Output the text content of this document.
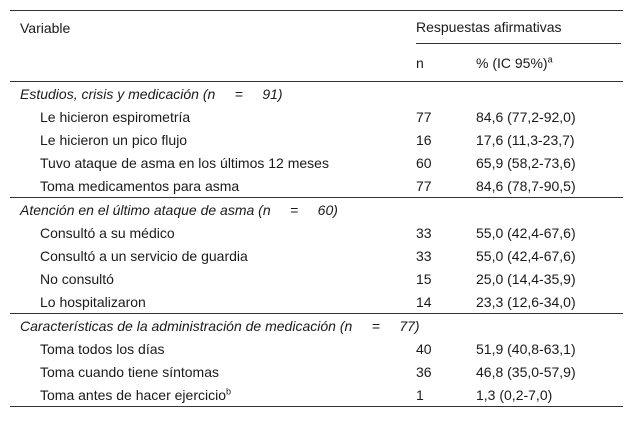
Variable	Respuestas afirmativas	

	n	% (IC 95%)$^a$
Estudios, crisis y medicación (n     =     91)		
Le hicieron espirometría	77	84,6 (77,2-92,0)
Le hicieron un pico flujo	16	17,6 (11,3-23,7)
Tuvo ataque de asma en los últimos 12 meses	60	65,9 (58,2-73,6)
Toma medicamentos para asma	77	84,6 (78,7-90,5)
Atención en el último ataque de asma (n     =     60)		
Consultó a su médico	33	55,0 (42,4-67,6)
Consultó a un servicio de guardia	33	55,0 (42,4-67,6)
No consultó	15	25,0 (14,4-35,9)
Lo hospitalizaron	14	23,3 (12,6-34,0)
Características de la administración de medicación (n     =     77)		
Toma todos los días	40	51,9 (40,8-63,1)
Toma cuando tiene síntomas	36	46,8 (35,0-57,9)
Toma antes de hacer ejercicio$^b$	1	1,3 (0,2-7,0)
